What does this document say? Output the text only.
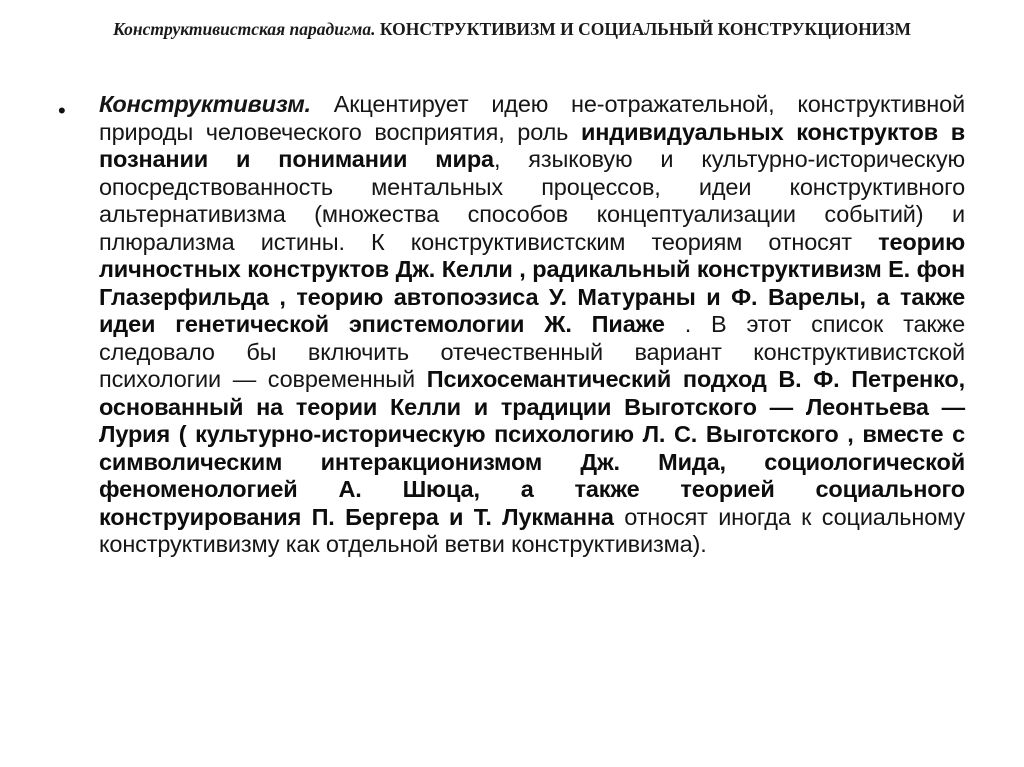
Конструктивистская парадигма. КОНСТРУКТИВИЗМ И СОЦИАЛЬНЫЙ КОНСТРУКЦИОНИЗМ
• Конструктивизм. Акцентирует идею не-отражательной, конструктивной природы человеческого восприятия, роль индивидуальных конструктов в познании и понимании мира, языковую и культурно-историческую опосредствованность ментальных процессов, идеи конструктивного альтернативизма (множества способов концептуализации событий) и плюрализма истины. К конструктивистским теориям относят теорию личностных конструктов Дж. Келли , радикальный конструктивизм Е. фон Глазерфильда , теорию автопоэзиса У. Матураны и Ф. Варелы, а также идеи генетической эпистемологии Ж. Пиаже . В этот список также следовало бы включить отечественный вариант конструктивистской психологии — современный Психосемантический подход В. Ф. Петренко, основанный на теории Келли и традиции Выготского — Леонтьева — Лурия ( культурно-историческую психологию Л. С. Выготского , вместе с символическим интеракционизмом Дж. Мида, социологической феноменологией А. Шюца, а также теорией социального конструирования П. Бергера и Т. Лукманна относят иногда к социальному конструктивизму как отдельной ветви конструктивизма).
